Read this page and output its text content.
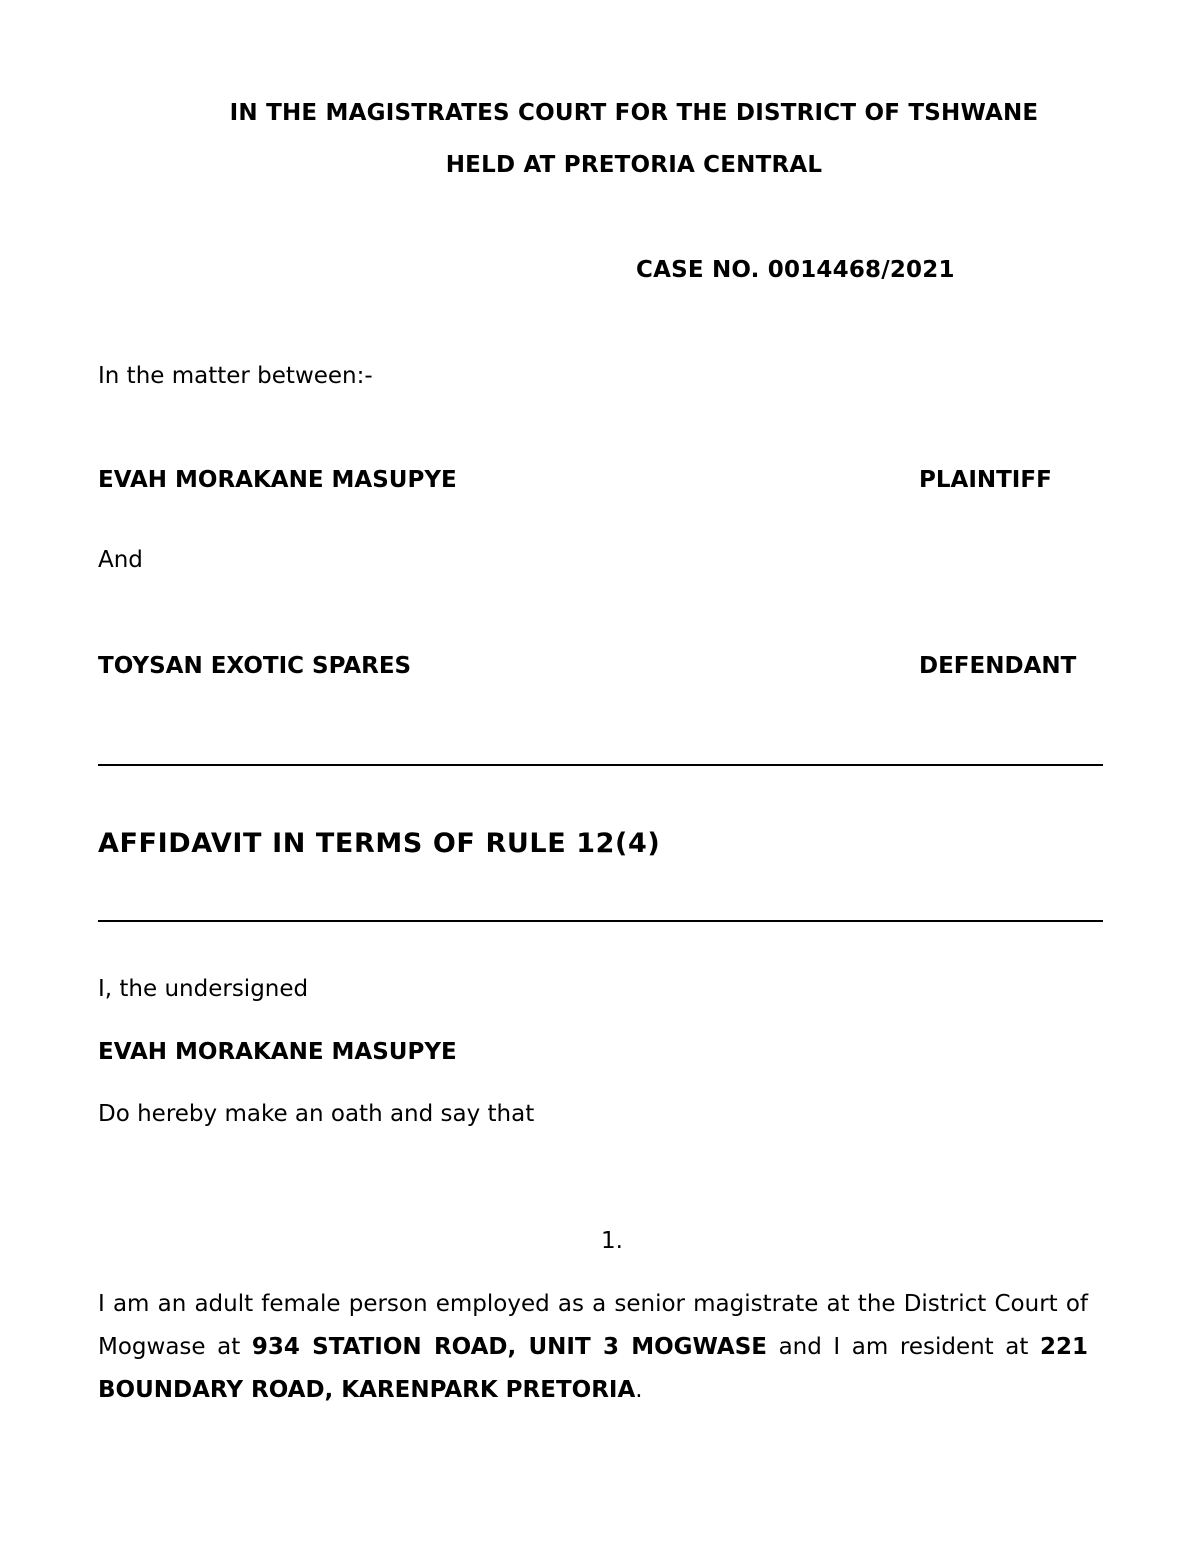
IN THE MAGISTRATES COURT FOR THE DISTRICT OF TSHWANE
HELD AT PRETORIA CENTRAL
CASE NO. 0014468/2021
In the matter between:-
EVAH MORAKANE MASUPYE	PLAINTIFF
And
TOYSAN EXOTIC SPARES	DEFENDANT
AFFIDAVIT IN TERMS OF RULE 12(4)
I, the undersigned
EVAH MORAKANE MASUPYE
Do hereby make an oath and say that
1.
I am an adult female person employed as a senior magistrate at the District Court of Mogwase at 934 STATION ROAD, UNIT 3 MOGWASE and I am resident at 221 BOUNDARY ROAD, KARENPARK PRETORIA.
